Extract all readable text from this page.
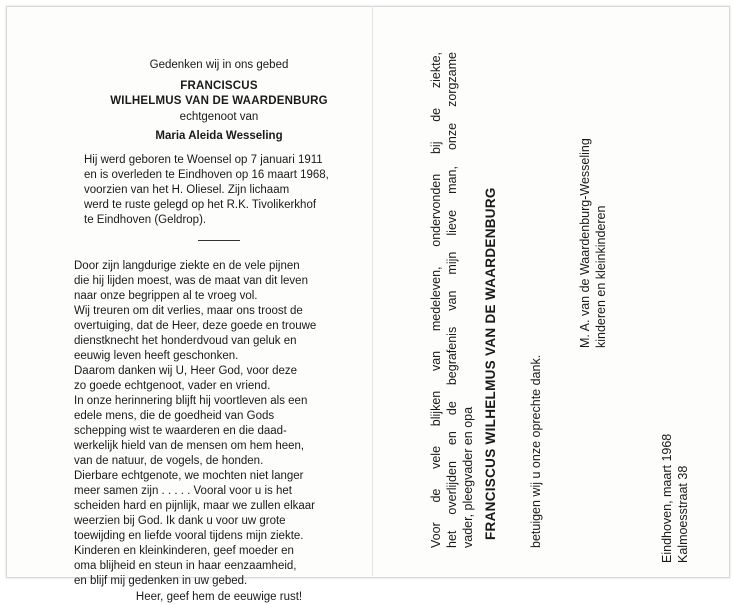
Gedenken wij in ons gebed

FRANCISCUS

WILHELMUS VAN DE WAARDENBURG

echtgenoot van

Maria Aleida Wesseling

Hij werd geboren te Woensel op 7 januari 1911

en is overleden te Eindhoven op 16 maart 1968,

voorzien van het H. Oliesel. Zijn lichaam

werd te ruste gelegd op het R.K. Tivolikerkhof

te Eindhoven (Geldrop).

Door zijn langdurige ziekte en de vele pijnen

die hij lijden moest, was de maat van dit leven

naar onze begrippen al te vroeg vol.

Wij treuren om dit verlies, maar ons troost de

overtuiging, dat de Heer, deze goede en trouwe

dienstknecht het honderdvoud van geluk en

eeuwig leven heeft geschonken.

Daarom danken wij U, Heer God, voor deze

zo goede echtgenoot, vader en vriend.

In onze herinnering blijft hij voortleven als een

edele mens, die de goedheid van Gods

schepping wist te waarderen en die daad-

werkelijk hield van de mensen om hem heen,

van de natuur, de vogels, de honden.

Dierbare echtgenote, we mochten niet langer

meer samen zijn . . . . . Vooral voor u is het

scheiden hard en pijnlijk, maar we zullen elkaar

weerzien bij God. Ik dank u voor uw grote

toewijding en liefde vooral tijdens mijn ziekte.

Kinderen en kleinkinderen, geef moeder en

oma blijheid en steun in haar eenzaamheid,

en blijf mij gedenken in uw gebed.

Heer, geef hem de eeuwige rust!

Voor de vele blijken van medeleven, ondervonden bij de ziekte, het overlijden en de begrafenis van mijn lieve man, onze zorgzame vader, pleegvader en opa FRANCISCUS WILHELMUS VAN DE WAARDENBURG betuigen wij u onze oprechte dank.
M. A. van de Waardenburg-Wesseling kinderen en kleinkinderen
Eindhoven, maart 1968 Kalmoesstraat 38
